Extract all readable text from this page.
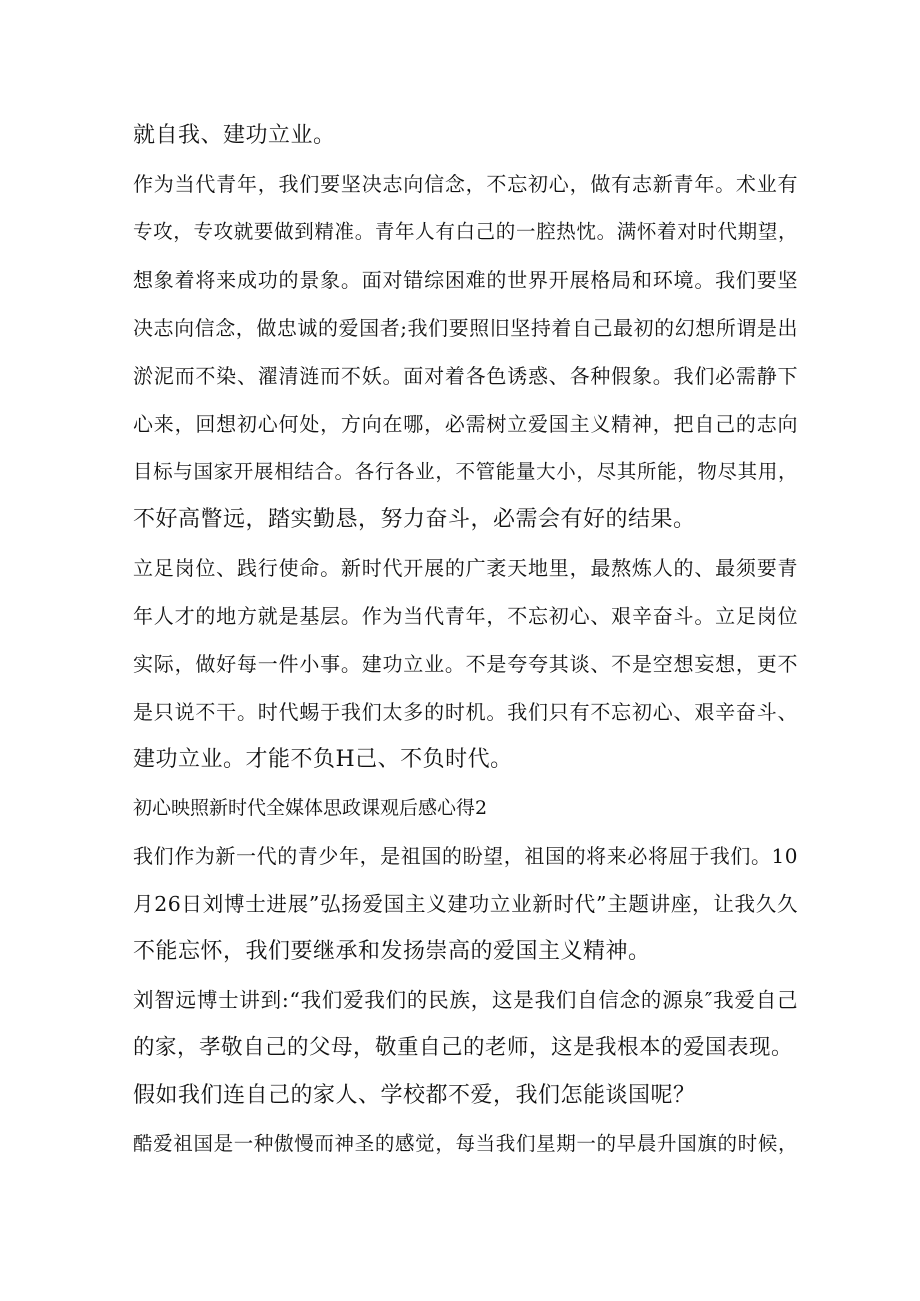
就自我、建功立业。
作为当代青年，我们要坚决志向信念，不忘初心，做有志新青年。术业有
专攻，专攻就要做到精准。青年人有白己的一腔热忱。满怀着对时代期望，
想象着将来成功的景象。面对错综困难的世界开展格局和环境。我们要坚
决志向信念，做忠诚的爱国者;我们要照旧坚持着自己最初的幻想所谓是出
淤泥而不染、濯清涟而不妖。面对着各色诱惑、各种假象。我们必需静下
心来，回想初心何处，方向在哪，必需树立爱国主义精神，把自己的志向
目标与国家开展相结合。各行各业，不管能量大小，尽其所能，物尽其用，
不好高瞥远，踏实勤恳，努力奋斗，必需会有好的结果。
立足岗位、践行使命。新时代开展的广袤天地里，最熬炼人的、最须要青
年人才的地方就是基层。作为当代青年，不忘初心、艰辛奋斗。立足岗位
实际，做好每一件小事。建功立业。不是夸夸其谈、不是空想妄想，更不
是只说不干。时代蜴于我们太多的时机。我们只有不忘初心、艰辛奋斗、
建功立业。才能不负H己、不负时代。
初心映照新时代全媒体思政课观后感心得2
我们作为新一代的青少年，是祖国的盼望，祖国的将来必将屈于我们。10
月26日刘博士进展”弘扬爱国主义建功立业新时代”主题讲座，让我久久
不能忘怀，我们要继承和发扬崇高的爱国主义精神。
刘智远博士讲到:“我们爱我们的民族，这是我们自信念的源泉″我爱自己
的家，孝敬自己的父母，敬重自己的老师，这是我根本的爱国表现。
假如我们连自己的家人、学校都不爱，我们怎能谈国呢？
酷爱祖国是一种傲慢而神圣的感觉，每当我们星期一的早晨升国旗的时候，
